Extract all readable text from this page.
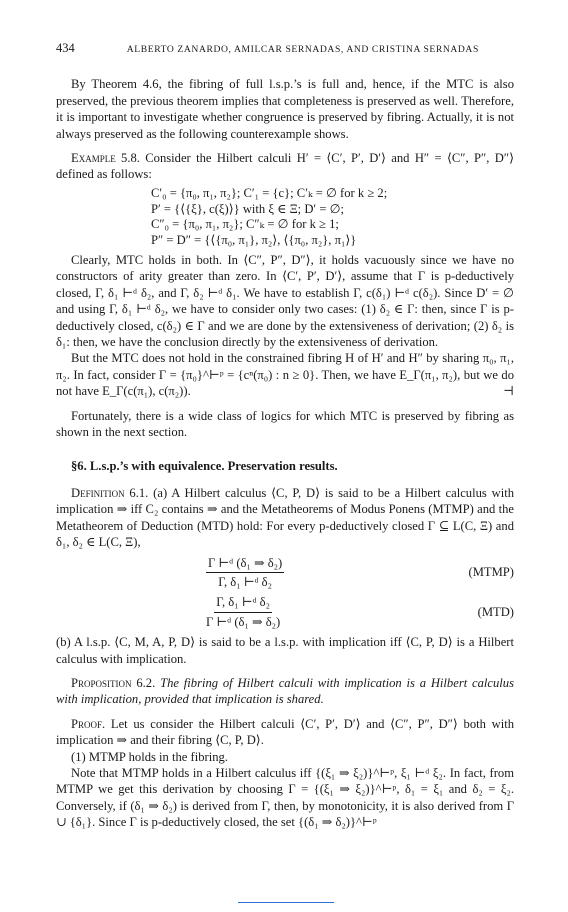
434	ALBERTO ZANARDO, AMILCAR SERNADAS, AND CRISTINA SERNADAS

By Theorem 4.6, the fibring of full l.s.p.’s is full and, hence, if the MTC is also preserved, the previous theorem implies that completeness is preserved as well. Therefore, it is important to investigate whether congruence is preserved by fibring. Actually, it is not always preserved as the following counterexample shows.

Example 5.8. Consider the Hilbert calculi H′ = ⟨C′, P′, D′⟩ and H″ = ⟨C″, P″, D″⟩ defined as follows:

C′₀ = {π₀, π₁, π₂}; C′₁ = {c}; C′ₖ = ∅ for k ≥ 2;
P′ = {⟨{ξ}, c(ξ)⟩} with ξ ∈ Ξ; D′ = ∅;
C″₀ = {π₀, π₁, π₂}; C″ₖ = ∅ for k ≥ 1;
P″ = D″ = {⟨{π₀, π₁}, π₂⟩, ⟨{π₀, π₂}, π₁⟩}

Clearly, MTC holds in both. In ⟨C″, P″, D″⟩, it holds vacuously since we have no constructors of arity greater than zero. In ⟨C′, P′, D′⟩, assume that Γ is p-deductively closed, Γ, δ₁ ⊢ᵈ δ₂, and Γ, δ₂ ⊢ᵈ δ₁. We have to establish Γ, c(δ₁) ⊢ᵈ c(δ₂). Since D′ = ∅ and using Γ, δ₁ ⊢ᵈ δ₂, we have to consider only two cases: (1) δ₂ ∈ Γ: then, since Γ is p-deductively closed, c(δ₂) ∈ Γ and we are done by the extensiveness of derivation; (2) δ₂ is δ₁: then, we have the conclusion directly by the extensiveness of derivation.

But the MTC does not hold in the constrained fibring H of H′ and H″ by sharing π₀, π₁, π₂. In fact, consider Γ = {π₀}^⊢ᵖ = {cⁿ(π₀) : n ≥ 0}. Then, we have E_Γ(π₁, π₂), but we do not have E_Γ(c(π₁), c(π₂)).	⊣

Fortunately, there is a wide class of logics for which MTC is preserved by fibring as shown in the next section.

§6. L.s.p.’s with equivalence. Preservation results.

Definition 6.1. (a) A Hilbert calculus ⟨C, P, D⟩ is said to be a Hilbert calculus with implication ⇒ iff C₂ contains ⇒ and the Metatheorems of Modus Ponens (MTMP) and the Metatheorem of Deduction (MTD) hold: For every p-deductively closed Γ ⊆ L(C, Ξ) and δ₁, δ₂ ∈ L(C, Ξ),

$\frac{\text{Γ ⊢ᵈ (δ₁ ⇒ δ₂)}}{\text{Γ, δ₁ ⊢ᵈ δ₂}}$	(MTMP)
$\frac{\text{Γ, δ₁ ⊢ᵈ δ₂}}{\text{Γ ⊢ᵈ (δ₁ ⇒ δ₂)}}$	(MTD)

(b) A l.s.p. ⟨C, M, A, P, D⟩ is said to be a l.s.p. with implication iff ⟨C, P, D⟩ is a Hilbert calculus with implication.

Proposition 6.2. The fibring of Hilbert calculi with implication is a Hilbert calculus with implication, provided that implication is shared.

Proof. Let us consider the Hilbert calculi ⟨C′, P′, D′⟩ and ⟨C″, P″, D″⟩ both with implication ⇒ and their fibring ⟨C, P, D⟩.

(1) MTMP holds in the fibring.

Note that MTMP holds in a Hilbert calculus iff {(ξ₁ ⇒ ξ₂)}^⊢ᵖ, ξ₁ ⊢ᵈ ξ₂. In fact, from MTMP we get this derivation by choosing Γ = {(ξ₁ ⇒ ξ₂)}^⊢ᵖ, δ₁ = ξ₁ and δ₂ = ξ₂. Conversely, if (δ₁ ⇒ δ₂) is derived from Γ, then, by monotonicity, it is also derived from Γ ∪ {δ₁}. Since Γ is p-deductively closed, the set {(δ₁ ⇒ δ₂)}^⊢ᵖ
